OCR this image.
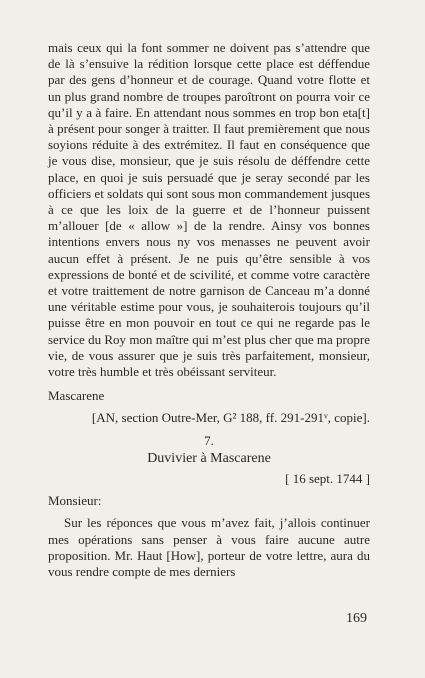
mais ceux qui la font sommer ne doivent pas s’attendre que de là s’ensuive la rédition lorsque cette place est déffendue par des gens d’honneur et de courage. Quand votre flotte et un plus grand nombre de troupes paroîtront on pourra voir ce qu’il y a à faire. En attendant nous sommes en trop bon eta[t] à présent pour songer à traitter. Il faut premièrement que nous soyions réduite à des extrémitez. Il faut en conséquence que je vous dise, monsieur, que je suis résolu de déffendre cette place, en quoi je suis persuadé que je seray secondé par les officiers et soldats qui sont sous mon commandement jusques à ce que les loix de la guerre et de l’honneur puissent m’allouer [de « allow »] de la rendre. Ainsy vos bonnes intentions envers nous ny vos menasses ne peuvent avoir aucun effet à présent. Je ne puis qu’être sensible à vos expressions de bonté et de scivilité, et comme votre caractère et votre traittement de notre garnison de Canceau m’a donné une véritable estime pour vous, je souhaiterois toujours qu’il puisse être en mon pouvoir en tout ce qui ne regarde pas le service du Roy mon maître qui m’est plus cher que ma propre vie, de vous assurer que je suis très parfaitement, monsieur, votre très humble et très obéissant serviteur.

Mascarene
[AN, section Outre-Mer, G² 188, ff. 291-291ᵛ, copie].
7.
Duvivier à Mascarene
[ 16 sept. 1744 ]
Monsieur:

Sur les réponces que vous m’avez fait, j’allois continuer mes opérations sans penser à vous faire aucune autre proposition. Mr. Haut [How], porteur de votre lettre, aura du vous rendre compte de mes derniers

169
